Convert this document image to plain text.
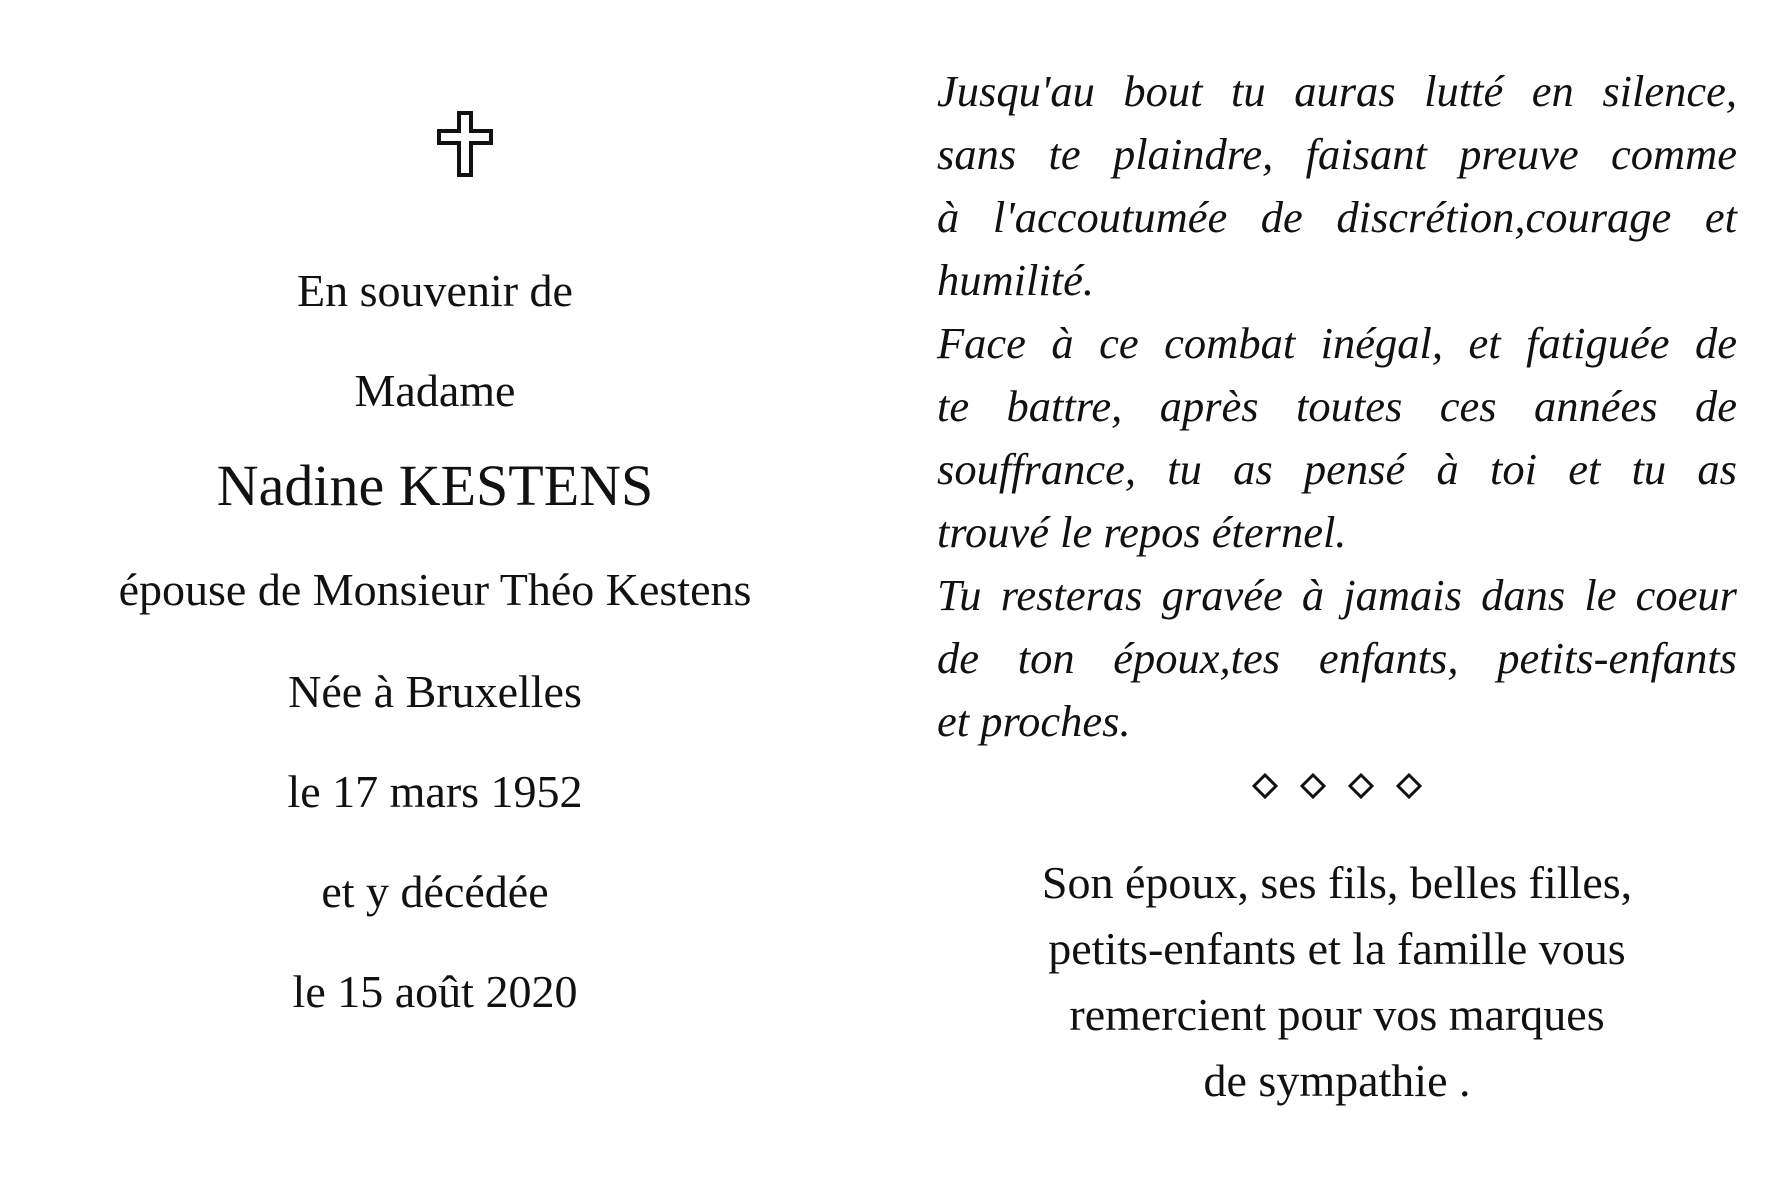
En souvenir de
Madame
Nadine KESTENS
épouse de Monsieur Théo Kestens
Née à Bruxelles
le 17 mars 1952
et y décédée
le 15 août 2020
Jusqu'au bout tu auras lutté en silence,
sans te plaindre, faisant preuve comme
à l'accoutumée de discrétion,courage et
humilité.
Face à ce combat inégal, et fatiguée de
te battre, après toutes ces années de
souffrance, tu as pensé à toi et tu as
trouvé le repos éternel.
Tu resteras gravée à jamais dans le coeur
de ton époux,tes enfants, petits-enfants
et proches.
Son époux, ses fils, belles filles,
petits-enfants et la famille vous
remercient pour vos marques
de sympathie .
